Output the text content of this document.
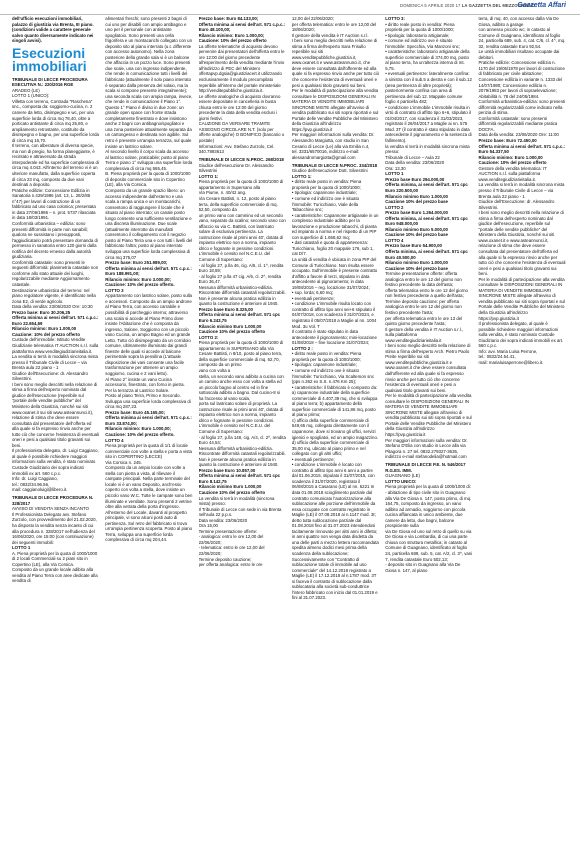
DOMENICA 5 APRILE 2020 17 LA GAZZETTA DEL MEZZOGIORNO
Gazzetta Affari

dell'ufficio esecuzioni immobiliari, palazzo di giustizia via Brenta, III piano.

(condizioni valide a carattere generale salvo quanto diversamente indicato nei singoli avvisi).

Esecuzioni
immobiliari

TRIBUNALE DI LECCE PROCEDURA ESECUTIVA N.: 220/2016 RGE

ARADEO (LE)

LOTTO 1 (UNICO):

Villetta con terreno, Contrada "Raschena" snc., composta da: soggiorno-cucina, n. 2 camere da letto, disimpegno e wc, per una superficie lorda di circa mq 78,40, oltre a porticato antistante di circa mq 25,80, e ampliamento retrostante, costituito da disimpegno e bagno, per una superficie lorda di circa mq 16,70.

Il terreno, con alberature di diversa specie, ma non di pregio, ha forma planeggiante, è recintato e attraversato da strada interpoderale ed ha superficie complessiva di circa mq 4.043. All'interno del terreno vi è un ulteriore manufatto, dalla superficie coperta di circa 23 mq, composto da due vani destinati a deposito.

Pratiche edilizie: Concessione Edilizia in Sanatoria n.429/1986 (art. 13, L. 28/2/85 n°47) per lavori di costruzione di un fabbricato ad uso casa colonica; presentata in data 27/06/1986 – n. prot. 5737 rilasciata in data 18/03/1991.

Conformità urbanistica – edilizia: sono presenti difformità in parte non sanabili; qualora ne sussistano i presupposti, l'aggiudicatario potrà presentare domanda di permesso in sanatoria entro 120 giorni dalla notifica del decreto emesso dalla autorità giudiziaria.

Conformità catastale: sono presenti le seguenti difformità: planimetria catastale non conforme allo stato attuale dei luoghi, regolarizzabile mediante Aggiornamento catastale.

Destinazione urbanistica del terreno: nel piano regolatore vigente, è identificato nella zona E2, di verde agricolo.

Data della vendita: 23/06/2020 Ore: 10:30

Prezzo base: Euro 30.206,25

Offerta minima ai sensi dell'art. 571 c.p.c.: Euro 22.654,69

Rilancio minimo: Euro 1.000,00

Cauzione: 10% del prezzo offerto

Custode dell'immobile: Istituto Vendite Giudiziarie telematica IT AUCTION s.r.l. sulla piattaforma www.venditegiudiziarieitalia.it.

La vendita si terrà in modalità sincrona mista presso il Tribunale Civile di Lecce – via Brenta aula 22 piano - 1

Giudice dell'Esecuzione: dr. Alessandro Silvestrini.

I beni sono meglio descritti nella relazione di stima a firma dell'esperto nominato dal giudice dell'esecuzione (reperibile sul "portale delle vendite pubbliche" del Ministero della Giustizia, nonché sui siti www.oxanet.it sui siti www.asteannunci.it), relazione di stima che deve essere consultata dal presentatore dell'offerta ed alla quale si fa espresso rinvio anche per tutto ciò che concerne l'esistenza di eventuali oneri e pesi a qualsiasi titolo gravanti sui beni.

Il professionista delegato, dr. Luigi Caggiano, al quale è possibile richiedere maggiori informazioni sulla vendita, è stato nominato Custode Giudiziario dei sopra indicati immobili ex art. 560 c.p.c.

Info: dr. Luigi Caggiano,

tel.: 0832/34.96.56,

mail: caggianoluigi@libero.it.

TRIBUNALE DI LECCE PROCEDURA N. 328/2017

AVVISO DI VENDITA SENZA INCANTO

Il Professionista Delegato avv. Stefano Zurzolo, con provvedimento del 21.02.2020, ha disposto la vendita senza incanto di cui alla procedura n. 328/2017 nell'udienza del 16/06/2020, ore 15:00 (con continuazione) dei seguenti immobili:

LOTTO 1

A. Piena proprietà per la quota di 1000/1000 di 2 locali Commerciali su 2 piani sito in Copertino (LE), alla Via Corsica.

Composto da un grande locale adibito alla vendita al Piano Terra con aree dedicate alla vendita di

alimentari freschi; sono presenti 2 bagni di cui uno per disabili con ampio antibagno e uno per il personale con antistante spogliatoio. Sono presenti una cella frigorifera e un montacarichi collegato con un deposito sito al piano interrato (u.t. differente con accesso autonomo). Nella zona posteriore della grande sala vi è un balcone che affaccia in un pozzo luce. Sono presenti due scale, una con ingresso indipendente, che rende in comunicazione tutti i livelli del fabbricato (attualmente il solo piano interrato è separato dalla presenza del solaio, ma la scala si compone presente integralmente); una seconda scala con ampia rampa, invece, che rende in comunicazione il Piano 1°. Questo 1° Piano è diviso in due zone: un grande open space con fronte strada completamente finestrato e dove insistono anche 2 bagni con antibagno/spogliatoi e una zona posteriore attualmente separata da un cartongesso e destinata non agibile. Sul retro è presente un'ampia terrazza, sul quale insiste un lastrico solare.

Al secondo livello il corpo scala da accesso al lastrico solare, praticabile; posto al piano Terra e piano 1° sviluppa una superficie lorda complessiva di circa mq 565,45.

B. Piena proprietà per la quota di 1000/1000 di deposito commerciale sito in Copertino (LE), alla Via Corsica.

Composto da un grande spazio libero: un accesso indipendente dall'esterno e una scala a rampa unica e un montacarichi, consentono di raggiungere il locale che è situato al piano interrato; un canale posto lungo consente una sufficiente ventilazione e una discreta illuminazione. Due scale (attualmente interrotte da manufatti consentono il collegamento con il negozio posto al Piano Terra una e con tutti i livelli del fabbricato l'altra; posto al piano interrato sviluppa una superficie lorda complessiva di circa mq 375,07

Prezzo base: Euro 251.989,00;

Offerta minima ai sensi dell'art. 571 c.p.c.: Euro 188.991,00;

Rilancio minimo: Euro 3.000,00;

Cauzione: 10% del prezzo offerto.

LOTTO 3

Appartamento con lastrico solare, posto sulla e accessori. Composto da un ampio androne al Piano Terra, con accesso carrabile e possibilità di parcheggio interno; attraverso una scala si accede al Piano Primo dove insiste l'Abitazione che è composta da ingresso, Salone, Soggiorno con un piccolo vano Cucina, un ampio Bagno ed un grande Letto. Tutto ciò disimpegnato da un corridoio comune, ultimamente illuminato dai grandi finestre delle quali si accede al balcone perimetrale sopra la pensilina (L'attuale disposizione dei vani consente una facile trasformazione per ottenere un ampio soggiorno, cucina e 2 vani letto).

Al Piano 2° insiste un vano Cucina accessorio, finestrato, con forno in pietra. Per la terrazza al Lastrico Solare.

Posto al piano Terra, Primo e Secondo. Sviluppa una superficie lorda complessiva di circa mq 287,23.

Prezzo base: Euro 45.165,00;

Offerta minima ai sensi dell'art. 571 c.p.c.: Euro 33.874,00;

Rilancio minimo: Euro 1.000,00;

Cauzione: 10% del prezzo offerto.

LOTTO 4

Piena proprietà per la quota di 1/1 di locale commerciale con volte a stella e porta a vista sito in COPERTINO (LECCE)

Via Corsica n. 245.

Composto da un ampio locale con volte a stella con pietra a vista, al rilievare il campate principali. Nella parte terminale del locale vi è un vano Deposito, anch'esso coperto con volta a stella, dove insiste un piccolo vano W.C. Tutte le campate sono ben illuminate e ventilate. Sono presenti 2 vetrine oltre alla vetrata della porta d'ingresso.

All'esterno del Locale, davanti al prospetto principale, vi sono alcuni posti auto di pertinenza. Sul retro del fabbricato si trova un'ampia pertinenza scoperta. Posto al piano Terra, sviluppa una superficie lorda complessiva di circa mq 204,44.

Prezzo base: Euro 84.133,00;

Offerta minima ai sensi dell'art. 571 c.p.c.: Euro 48.100,00;

Rilancio minimo: Euro 1.000,00;

Cauzione: 10% del prezzo offerto

La offerte telematiche di acquisto devono pervenire dai presentatori dell'offerta entro le ore 12:00 del giorno precedente all'esperimento della vendita mediante l'invio all'indirizzo di PEC del Ministero offertapvp.dgsia@giustiziacert.it utilizzando esclusivamente il modulo precompilato reperibile all'interno del portale ministeriale http://venditepubbliche.giustizia.it.

Le offerte analogiche di acquisto dovranno essere depositate in cancelleria in busta chiusa entro le ore 12:00 del giorno precedente la data della vendita esclusi i giorni festivi.

CAUZIONE DA VERSARE TRAMITE ASSEGNO CIRCOLARE N.T. (solo per offerte analogiche) O BONIFICO (bancario o postale)

Informazioni: Avv. Stefano Zurzolo, Cel. 340.7893613

TRIBUNALE DI LECCE N.PROC. 268/2018

Giudice dell'esecuzione Dr. Alessandro Silvestrini

LOTTO 1:

Piena proprietà per la quota di 1000/1000 di appartamento in Supersano alla

Via Piume, n. 40/42 ang.

Via Cesare Battisti, n. 12, posto al piano terra, della superficie commerciale di mq. 52,50, composto da

un primo vano con cammino ed un secondo vano, separato da scalino; secondo vano con affaccio su via C. Battisti, con lastricato solare di esclusiva pertinenza. La costruzione risale al primi anni 40', dotata di impianto elettrico non a norma, impianto idrico e fognante in pessime condizioni.

L'immobile è censito nel N.C.E.U. del Comune di Supersano:

- al foglio 27, p.lla 46, cig. A/5, cl. 1^, rendita Euro 18,59;

- al foglio 27 p.lla 47 cig. A/6, cl. 2^, rendita Euro 36,47.

Nessuna difformità urbanistico-edilizia.

Riscontrate difformità catastali regolarizzabili.

Non è presente alcuna pratica edilizia in quanto la costruzione è anteriore al 1940.

Prezzo base Euro 8.325,00

Offerta minima ai sensi dell'art. 571 cpc Euro 6.243,75

Rilancio minimo Euro 1.000,00

Cauzione 10% del prezzo offerto

LOTTO 2:

Piena proprietà per la quota di 1000/1000 di appartamento in SUPERSANO alla Via Cesare Battisti, n 8/10, posto al piano terra, della superficie commerciale di mq. 62,70, composto da un primo

vano con volta a

stella, un secondo vano adibito a cucina con un camino anche esso con volta a stella ed un piccolo bagno al centro ed in fine sottoscala adibito a bagno. Dal cucino-8 si ha l'accesso al vano scala,

porta sul lastricato solare di proprietà. La costruzione risale ai primi anni 40', dotata di impianto elettrico non a norma, impianto idrico e fognante in pessime condizioni.

L'immobile è censito nel N.C.E.U. del Comune di Supersano:

- al foglio 27, p.lla 148, cig. A/4, cl. 2^, rendita Euro 44,54;

Nessuna difformità urbanistico-edilizia.

Riscontrate difformità catastali regolarizzabili.

Non è presente alcuna pratica edilizia in quanto la costruzione è anteriore al 1940.

Prezzo base Euro 10.857,00

Offerta minima ai sensi dell'art. 571 cpc Euro 8.142,75

Rilancio minimo Euro 1.000,00

Cauzione 10% del prezzo offerto

La vendita si terrà in modalità (sincrona mista) presso:

Il Tribunale di Lecce con sede in via Brenta nell'aula 22 p.p.s.

Data vendita: 23/06/2020

Ora 15,00

Termine presentazione offerte:

- analogica: entro le ore 12,00 del 22/06/2020;

- telematica: entro le ore 12,00 del 22/06/2020;

Termine deposito cauzione;

per offerta analogica: entro le ore

12,00 del 22/06/2020;

per offerta telematica: entro le ore 13,00 del 18/06/2020;

Il gestore della vendita è IT Auction s.r.l.

I beni sono meglio descritti nella relazione di stima a firma dell'esperto Sara Frisullo reperibile sui siti

www.venditepubbliche.giustizia.it, www.oxanet.it e www.asteannunci.it, che deve essere consultata dall'offerente ed alla quale si fa espresso rinvio anche per tutto ciò che concerne l'esistenza di eventuali oneri e pesi a qualsiasi titolo gravanti sui beni.

Per le modalità di partecipazione alla vendita consultare le DISPOSIZIONI GENERALI IN MATERIA DI VENDITE IMMOBILIARI SINCRONE MISTE allegate all'avviso di vendita pubblicato sui siti sopra riportati e sul Portale delle Vendite Pubbliche del Ministero della Giustizia all'indirizzo https://pvp.giustizia.it

Per maggiori informazioni sulla vendita: Dr. Alessandro Margiotta, con studio in San Cesario di Lecce (Le) alla via Emilia n.4,

tel. 3331/6570016, indirizzo e-mail: alessandromargiotta@gmail.com

TRIBUNALE DI LECCE N.PROC. 334/2018

Giudice dell'esecuzione Dott. Silvestrini

LOTTO 1:

• diritto reale posto in vendita: Piena proprietà per la quota di 1000/1000;

• tipologia: capannone industriale;

• comune ed indirizzo ove è situato l'immobile: Turicchiano, Viale della Tabacchine snc;

• caratteristiche: Capannone artigianale in un complesso industriale adibito per la lavorazione e produzione tabacchi, di pianta ed impianto a norma e nel rispetto di un PIP con superficie di 1.658,62 mq;

• dati catastali e quota di appartenenza: Turicchiano, foglio 20 mappale 176, sub 1, cat D/7.

La unità di vendita è ubicata in zona PIP del Comune di Turicchiano. Non risulta essere occupato. Sull'immobile è presente contratto d'affitto a favore di terzi, stipulato in data antecedente al pignoramento; in data 19/08/2016 – reg. locazione 31/07/2024;

• sup. lorda; 6,60 mq;

• eventuali pertinenze;

• condizione L'immobile risulta locato con contratto di affitto tipo anni sei+6 stipulato il 04/07/2018, con scadenza il 31/07/2024, e registrato il 05/07/2018 a Maglie al nn. 1004 Mod. 3u Vol. T

Il contratto è stato stipulato in data antecedente il pignoramento; mini-locazione 01/08/2018 – fine locazione 31/07/2024;

LOTTO 2 :

• diritto reale posto in vendita: Piena proprietà per la quota di 1000/1000;

• tipologia: capannone industriale;

• comune ed indirizzo ove è situato l'immobile: Turicchiano, Via Scaltemon snc (pps n.362 ex S.S. n.476 Km 25);

• caratteristiche: il fabbricato è composto da:

a) capannone industriale della superficie commerciale di 4.407,39 mq, che si sviluppa al piano terra; b) appartamento della superficie commerciale di 141,86 mq, posto al piano primo;

c) ufficio della superficie commerciale di 549,65 mq, collegato direttamente con il capannone, dove si trovano gli uffici, servizi igienici e spogliatoi, ed un ampio magazzino.

d) ufficio della superficie commerciale di 35,00 mq, ubicato al piano primo e nel collegato con gli altri uffici;

• eventuali pertinenze;

• condizione L'immobile è locato con contratto di affitto tipo anni 6 anni a partire dal 01.06.2015, stipulato il 31/07/2015, con scadenza il 31/07/2020, registrato il 06/08/2015 a Casarano (LE) al nn. 6221 In data 01.08.2018 scioglimento parziale dal contratto comunicato l'autorizzazione alla sublocazione alle porzione dell'immobile da essa occupate con contratto registrato in Maglie (LE) il 07.08.2018 ai n.1147 mod. 3t; detto tutta sublocazione parziale dal 01.08.2018 fino al 31.07.2023 intendendosi tacitamente rinnovato per altri anni in difetto; in anni quattro non venga data disdetta da una delle parti a mezzo lettera raccomandata spedita almeno dodici mesi prima della scadenza della sublocazione;

Successivamente con "Contratto di sublocazione totale di immobile ad uso commerciale" del 14.12.2018 registrato a Maglie (LE) il 17.12.2018 al n.1787 mod. 3T si faceva il contratto di sublocazione dalla sublocataria alla società sub-conduttrice l'intero fabbricato con inizio dal 01.01.2019 e fini al 31.07.2023.

LOTTO 3:

• diritto reale posto in vendita: Piena proprietà per la quota di 1000/1000;

• tipologia: laboratorio artigianale;

• comune ed indirizzo ove è situato l'immobile: Specchia, Via Manzoni snc;

• caratteristiche: laboratorio artigianale della superficie commerciale di 374,00 mq, posto al piano terra, ha un'altezza interna di mt. 5,75.

• eventuali pertinenze: lateralmente confina: a sinistra con il sub.5 a destra e con il sub.12 (area pertinenza di altre proprietà); posteriormente confina con area di pertinenza del sub 12. Mappale comune foglio 4 particella 482;

• condizione L'immobile L'immobile risulta in virtù di contratto di affitto tipo 6+6, stipulato il 01/04/2017, con scadenza il 31/03/2023, registrato il 26/04/2017 a Maglie ai nn. 575 Mod. 3T (il contratto è stato stipulato in data antecedente il pignoramento e la sentenza di fallimento).

la vendita si terrà in modalità sincrona mista presso:

Tribunale di Lecce – Aula 22

Data della vendita: 23/06/2020

Ora: 13,30

LOTTO 1

Prezzo base Euro 294.000,00

Offerta minima, ai sensi dell'art. 571 cpc Euro 220.500,00

Rilancio minimo Euro 1.000,00

Cauzione 10% del prezzo base

LOTTO 2

Prezzo base Euro 1.264.000,00

Offerta minima, ai sensi dell'art. 571 cpc Euro 948.000,00

Rilancio minimo Euro 5.000,00

Cauzione 10% del prezzo base

LOTTO 4

Prezzo base Euro 54.900,00

Offerta minima, ai sensi dell'art. 571 cpc Euro 40.500,00

Rilancio minimo Euro 1.000,00

Cauzione 10% del prezzo base

Termine presentazione offerte: offerta analogica entro le ore 12 del giorno non festivo precedente la data dell'asta;

offerta telematica entro le ore 12 del giorno non festivo precedente a quello dell'asta;

Termine deposito cauzione: per offerta analogica entro le ore 12 del giorno non festivo precedente l'asta;

per offerta telematica entro le ore 13 del quinto giorno precedente l'asta;

Il gestore della vendita è IT Auction s.r.l., sulla piattaforma

www.venditegiudiziarieitalia.it

I beni sono meglio descritti nella relazione di stima a firma dell'esperto Arch. Pietro Paolo Preite reperibile sui siti www.venditepubbliche.giustizia.it e www.oxanet.it che deve essere consultata dall'offerente ed alla quale si fa espresso rinvio anche per tutto ciò che concerne l'esistenza di eventuali oneri e pesi a qualsiasi titolo gravanti sui beni.

Per le modalità di partecipazione alla vendita consultare le DISPOSIZIONI GENERALI IN MATERIA DI VENDITE IMMOBILIARI SINCRONE MISTE allegate all'avviso di vendita pubblicato sui siti sopra riportati e sul Portale delle Vendite Pubbliche del Ministero della Giustizia all'indirizzo https://pvp.giustizia.it

Per maggiori informazioni sulla vendita: Dr. Stefano D'Elia con studio in Lecce alla via Pitagora n. 27 tel. 0832.279327-3635, indirizzo e-mail stefanodelia@hotmail.com

TRIBUNALE DI LECCE P.E. N. 546/2017 R.G.ES. IMM.

GUAGNANO (LE)

LOTTO UNICO:

Piena proprietà per la quota di 1000/1000 di:

- abitazione di tipo civile sito in Guagnano alla Via De Giosa n. 147, posto primo, di mq. 164,75, composto da ingresso, un vano adibito ad armadio, soggiorno con piccola cucina affiancata in unico ambiente, due camere da letto, due bagni, balcone prospiciente sulla

via De Giosa ed uno sul retro di quello su via De Giosa e via Lombardia, di cui una parte chiusa con struttura metallica; in catasto al Comune di Guagnano, identificato al foglio 24, particella 689, sub. 5, cat. A/2, cl. 3^, vani 7, rendita catastale Euro 502,13;

- deposito sito in Guagnano alla Via De Giosa n. 147, al piano

terra, di mq. 40, con accesso dalla Via De Giosa, adibito a garage

con annesso piccolo wc; in catasto al Comune di Guagnano, identificato al foglio 24, particella 689, sub. 4, cat. C/6, cl. 4^, mq. 32, rendita catastale Euro 92,54.

Le unità immobiliari risultano occupate dai debitori.

Pratiche edilizie: Concessione edilizia n. 1170 del 19/05/1978 per lavori di costruzione di fabbricato per civile abitazione; Concessione edilizia in variante n. 1333 del 14/07/1980; Concessione edilizia n. 2079/1983 per lavori di sopraelevazione; Abitabilità n. 78 del 24/05/1984.

Conformità urbanistica-edilizia: sono presenti difformità regolarizzabili come indicato nella perizia di stima.

Conformità catastale: sono presenti difformità regolarizzabili mediante pratica DOCFA.

Data della vendita: 23/06/2020 Ore: 11:00

Prezzo base: Euro 72.450,00

Offerta minima ai sensi dell'art. 571 c.p.c.: Euro 54.337,50

Rilancio minimo: Euro 1.000,00

Cauzione: 10% del prezzo offerto

Gestore della vendita telematica: IT AUCTION s.r.l. sulla piattaforma www.venditegiudiziarieitalia.it.

La vendita si terrà in modalità sincrona mista presso il Tribunale Civile di Lecce – via Brenta aula 22 piano - 1

Giudice dell'Esecuzione: dr. Alessandro Silvestrini.

I beni sono meglio descritti nella relazione di stima a firma dell'esperto nominato dal giudice dell'esecuzione, reperibile sul "portale delle vendite pubbliche" del Ministero della Giustizia, nonché sui siti www.oxanet.it e www.asteannunci.it, relazione di stima che deve essere consultata dal presentatore dell'offerta ed alla quale si fa espresso rinvio anche per tutto ciò che concerne l'esistenza di eventuali oneri e pesi a qualsiasi titolo gravanti sui beni.

Per le modalità di partecipazione alla vendita consultare le DISPOSIZIONI GENERALI IN MATERIA DI VENDITE IMMOBILIARI SINCRONE MISTE allegate all'avviso di vendita pubblicato sui siti sopra riportati e sul Portale delle Vendite Pubbliche del Ministero della Giustizia all'indirizzo https://pvp.giustizia.it

Il professionista delegato, al quale è possibile richiedere maggiori informazioni sulla vendita, è stato nominato Custode Giudiziario dei sopra indicati immobili ex art. 560 c.p.c.

Info: avv. Maria Luisa Perrone,

tel.: 0832/24.54.41,

mail: marialuisaperrone@libero.it.
